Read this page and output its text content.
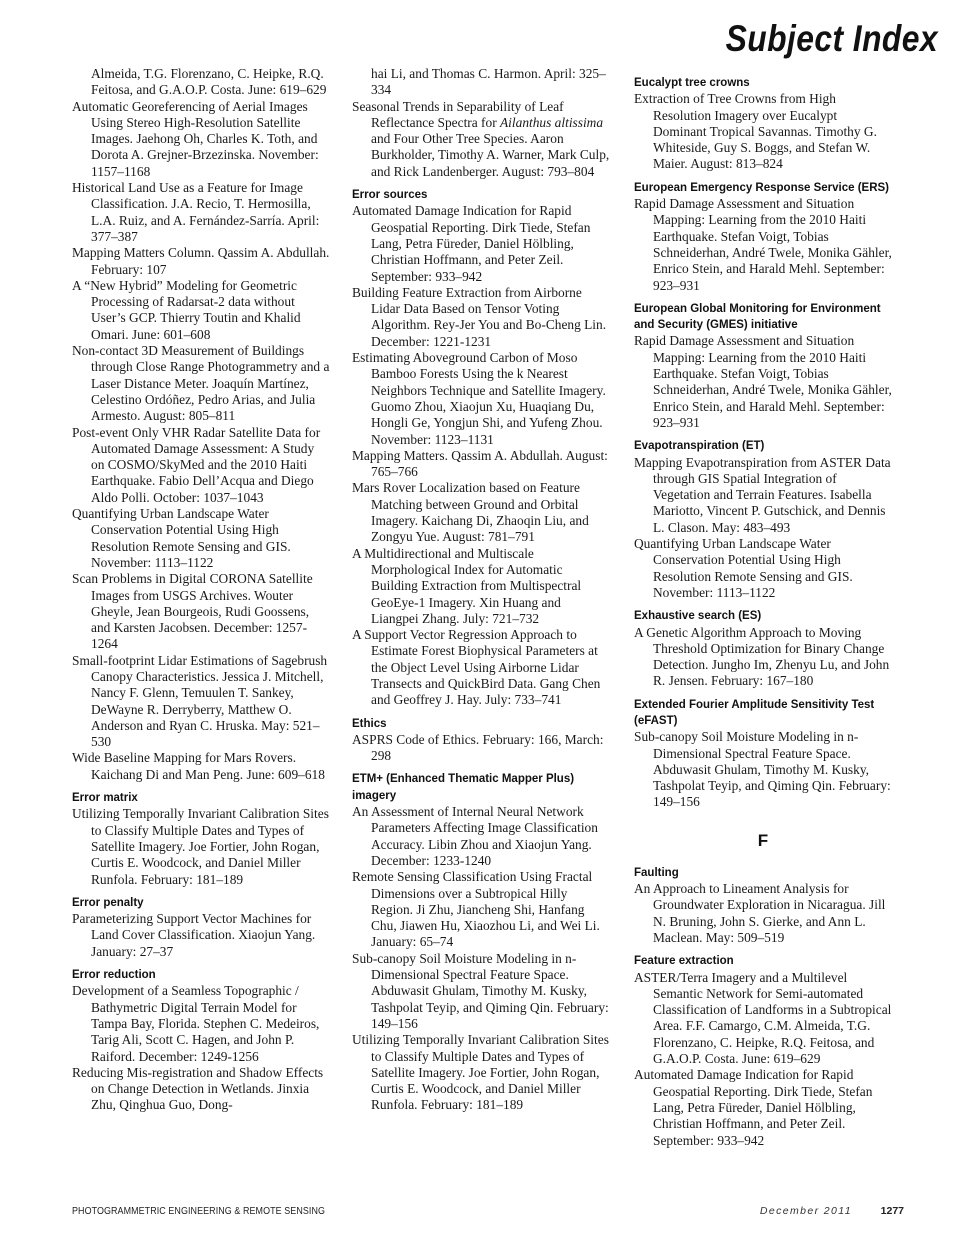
Subject Index

Almeida, T.G. Florenzano, C. Heipke, R.Q. Feitosa, and G.A.O.P. Costa. June: 619–629

Automatic Georeferencing of Aerial Images Using Stereo High-Resolution Satellite Images. Jaehong Oh, Charles K. Toth, and Dorota A. Grejner-Brzezinska. November: 1157–1168

Historical Land Use as a Feature for Image Classification. J.A. Recio, T. Hermosilla, L.A. Ruiz, and A. Fernández-Sarría. April: 377–387

Mapping Matters Column. Qassim A. Abdullah. February: 107

A “New Hybrid” Modeling for Geometric Processing of Radarsat-2 data without User’s GCP. Thierry Toutin and Khalid Omari. June: 601–608

Non-contact 3D Measurement of Buildings through Close Range Photogrammetry and a Laser Distance Meter. Joaquín Martínez, Celestino Ordóñez, Pedro Arias, and Julia Armesto. August: 805–811

Post-event Only VHR Radar Satellite Data for Automated Damage Assessment: A Study on COSMO/SkyMed and the 2010 Haiti Earthquake. Fabio Dell’Acqua and Diego Aldo Polli. October: 1037–1043

Quantifying Urban Landscape Water Conservation Potential Using High Resolution Remote Sensing and GIS. November: 1113–1122

Scan Problems in Digital CORONA Satellite Images from USGS Archives. Wouter Gheyle, Jean Bourgeois, Rudi Goossens, and Karsten Jacobsen. December: 1257-1264

Small-footprint Lidar Estimations of Sagebrush Canopy Characteristics. Jessica J. Mitchell, Nancy F. Glenn, Temuulen T. Sankey, DeWayne R. Derryberry, Matthew O. Anderson and Ryan C. Hruska. May: 521–530

Wide Baseline Mapping for Mars Rovers. Kaichang Di and Man Peng. June: 609–618

Error matrix

Utilizing Temporally Invariant Calibration Sites to Classify Multiple Dates and Types of Satellite Imagery. Joe Fortier, John Rogan, Curtis E. Woodcock, and Daniel Miller Runfola. February: 181–189

Error penalty

Parameterizing Support Vector Machines for Land Cover Classification. Xiaojun Yang. January: 27–37

Error reduction

Development of a Seamless Topographic / Bathymetric Digital Terrain Model for Tampa Bay, Florida. Stephen C. Medeiros, Tarig Ali, Scott C. Hagen, and John P. Raiford. December: 1249-1256

Reducing Mis-registration and Shadow Effects on Change Detection in Wetlands. Jinxia Zhu, Qinghua Guo, Dong-

hai Li, and Thomas C. Harmon. April: 325–334

Seasonal Trends in Separability of Leaf Reflectance Spectra for Ailanthus altissima and Four Other Tree Species. Aaron Burkholder, Timothy A. Warner, Mark Culp, and Rick Landenberger. August: 793–804

Error sources

Automated Damage Indication for Rapid Geospatial Reporting. Dirk Tiede, Stefan Lang, Petra Füreder, Daniel Hölbling, Christian Hoffmann, and Peter Zeil. September: 933–942

Building Feature Extraction from Airborne Lidar Data Based on Tensor Voting Algorithm. Rey-Jer You and Bo-Cheng Lin. December: 1221-1231

Estimating Aboveground Carbon of Moso Bamboo Forests Using the k Nearest Neighbors Technique and Satellite Imagery. Guomo Zhou, Xiaojun Xu, Huaqiang Du, Hongli Ge, Yongjun Shi, and Yufeng Zhou. November: 1123–1131

Mapping Matters. Qassim A. Abdullah. August: 765–766

Mars Rover Localization based on Feature Matching between Ground and Orbital Imagery. Kaichang Di, Zhaoqin Liu, and Zongyu Yue. August: 781–791

A Multidirectional and Multiscale Morphological Index for Automatic Building Extraction from Multispectral GeoEye-1 Imagery. Xin Huang and Liangpei Zhang. July: 721–732

A Support Vector Regression Approach to Estimate Forest Biophysical Parameters at the Object Level Using Airborne Lidar Transects and QuickBird Data. Gang Chen and Geoffrey J. Hay. July: 733–741

Ethics

ASPRS Code of Ethics. February: 166, March: 298

ETM+ (Enhanced Thematic Mapper Plus) imagery

An Assessment of Internal Neural Network Parameters Affecting Image Classification Accuracy. Libin Zhou and Xiaojun Yang. December: 1233-1240

Remote Sensing Classification Using Fractal Dimensions over a Subtropical Hilly Region. Ji Zhu, Jiancheng Shi, Hanfang Chu, Jiawen Hu, Xiaozhou Li, and Wei Li. January: 65–74

Sub-canopy Soil Moisture Modeling in n-Dimensional Spectral Feature Space. Abduwasit Ghulam, Timothy M. Kusky, Tashpolat Teyip, and Qiming Qin. February: 149–156

Utilizing Temporally Invariant Calibration Sites to Classify Multiple Dates and Types of Satellite Imagery. Joe Fortier, John Rogan, Curtis E. Woodcock, and Daniel Miller Runfola. February: 181–189

Eucalypt tree crowns

Extraction of Tree Crowns from High Resolution Imagery over Eucalypt Dominant Tropical Savannas. Timothy G. Whiteside, Guy S. Boggs, and Stefan W. Maier. August: 813–824

European Emergency Response Service (ERS)

Rapid Damage Assessment and Situation Mapping: Learning from the 2010 Haiti Earthquake. Stefan Voigt, Tobias Schneiderhan, André Twele, Monika Gähler, Enrico Stein, and Harald Mehl. September: 923–931

European Global Monitoring for Environment and Security (GMES) initiative

Rapid Damage Assessment and Situation Mapping: Learning from the 2010 Haiti Earthquake. Stefan Voigt, Tobias Schneiderhan, André Twele, Monika Gähler, Enrico Stein, and Harald Mehl. September: 923–931

Evapotranspiration (ET)

Mapping Evapotranspiration from ASTER Data through GIS Spatial Integration of Vegetation and Terrain Features. Isabella Mariotto, Vincent P. Gutschick, and Dennis L. Clason. May: 483–493

Quantifying Urban Landscape Water Conservation Potential Using High Resolution Remote Sensing and GIS. November: 1113–1122

Exhaustive search (ES)

A Genetic Algorithm Approach to Moving Threshold Optimization for Binary Change Detection. Jungho Im, Zhenyu Lu, and John R. Jensen. February: 167–180

Extended Fourier Amplitude Sensitivity Test (eFAST)

Sub-canopy Soil Moisture Modeling in n-Dimensional Spectral Feature Space. Abduwasit Ghulam, Timothy M. Kusky, Tashpolat Teyip, and Qiming Qin. February: 149–156

F
Faulting

An Approach to Lineament Analysis for Groundwater Exploration in Nicaragua. Jill N. Bruning, John S. Gierke, and Ann L. Maclean. May: 509–519

Feature extraction

ASTER/Terra Imagery and a Multilevel Semantic Network for Semi-automated Classification of Landforms in a Subtropical Area. F.F. Camargo, C.M. Almeida, T.G. Florenzano, C. Heipke, R.Q. Feitosa, and G.A.O.P. Costa. June: 619–629

Automated Damage Indication for Rapid Geospatial Reporting. Dirk Tiede, Stefan Lang, Petra Füreder, Daniel Hölbling, Christian Hoffmann, and Peter Zeil. September: 933–942

PHOTOGRAMMETRIC ENGINEERING & REMOTE SENSING	December 2011	1277
